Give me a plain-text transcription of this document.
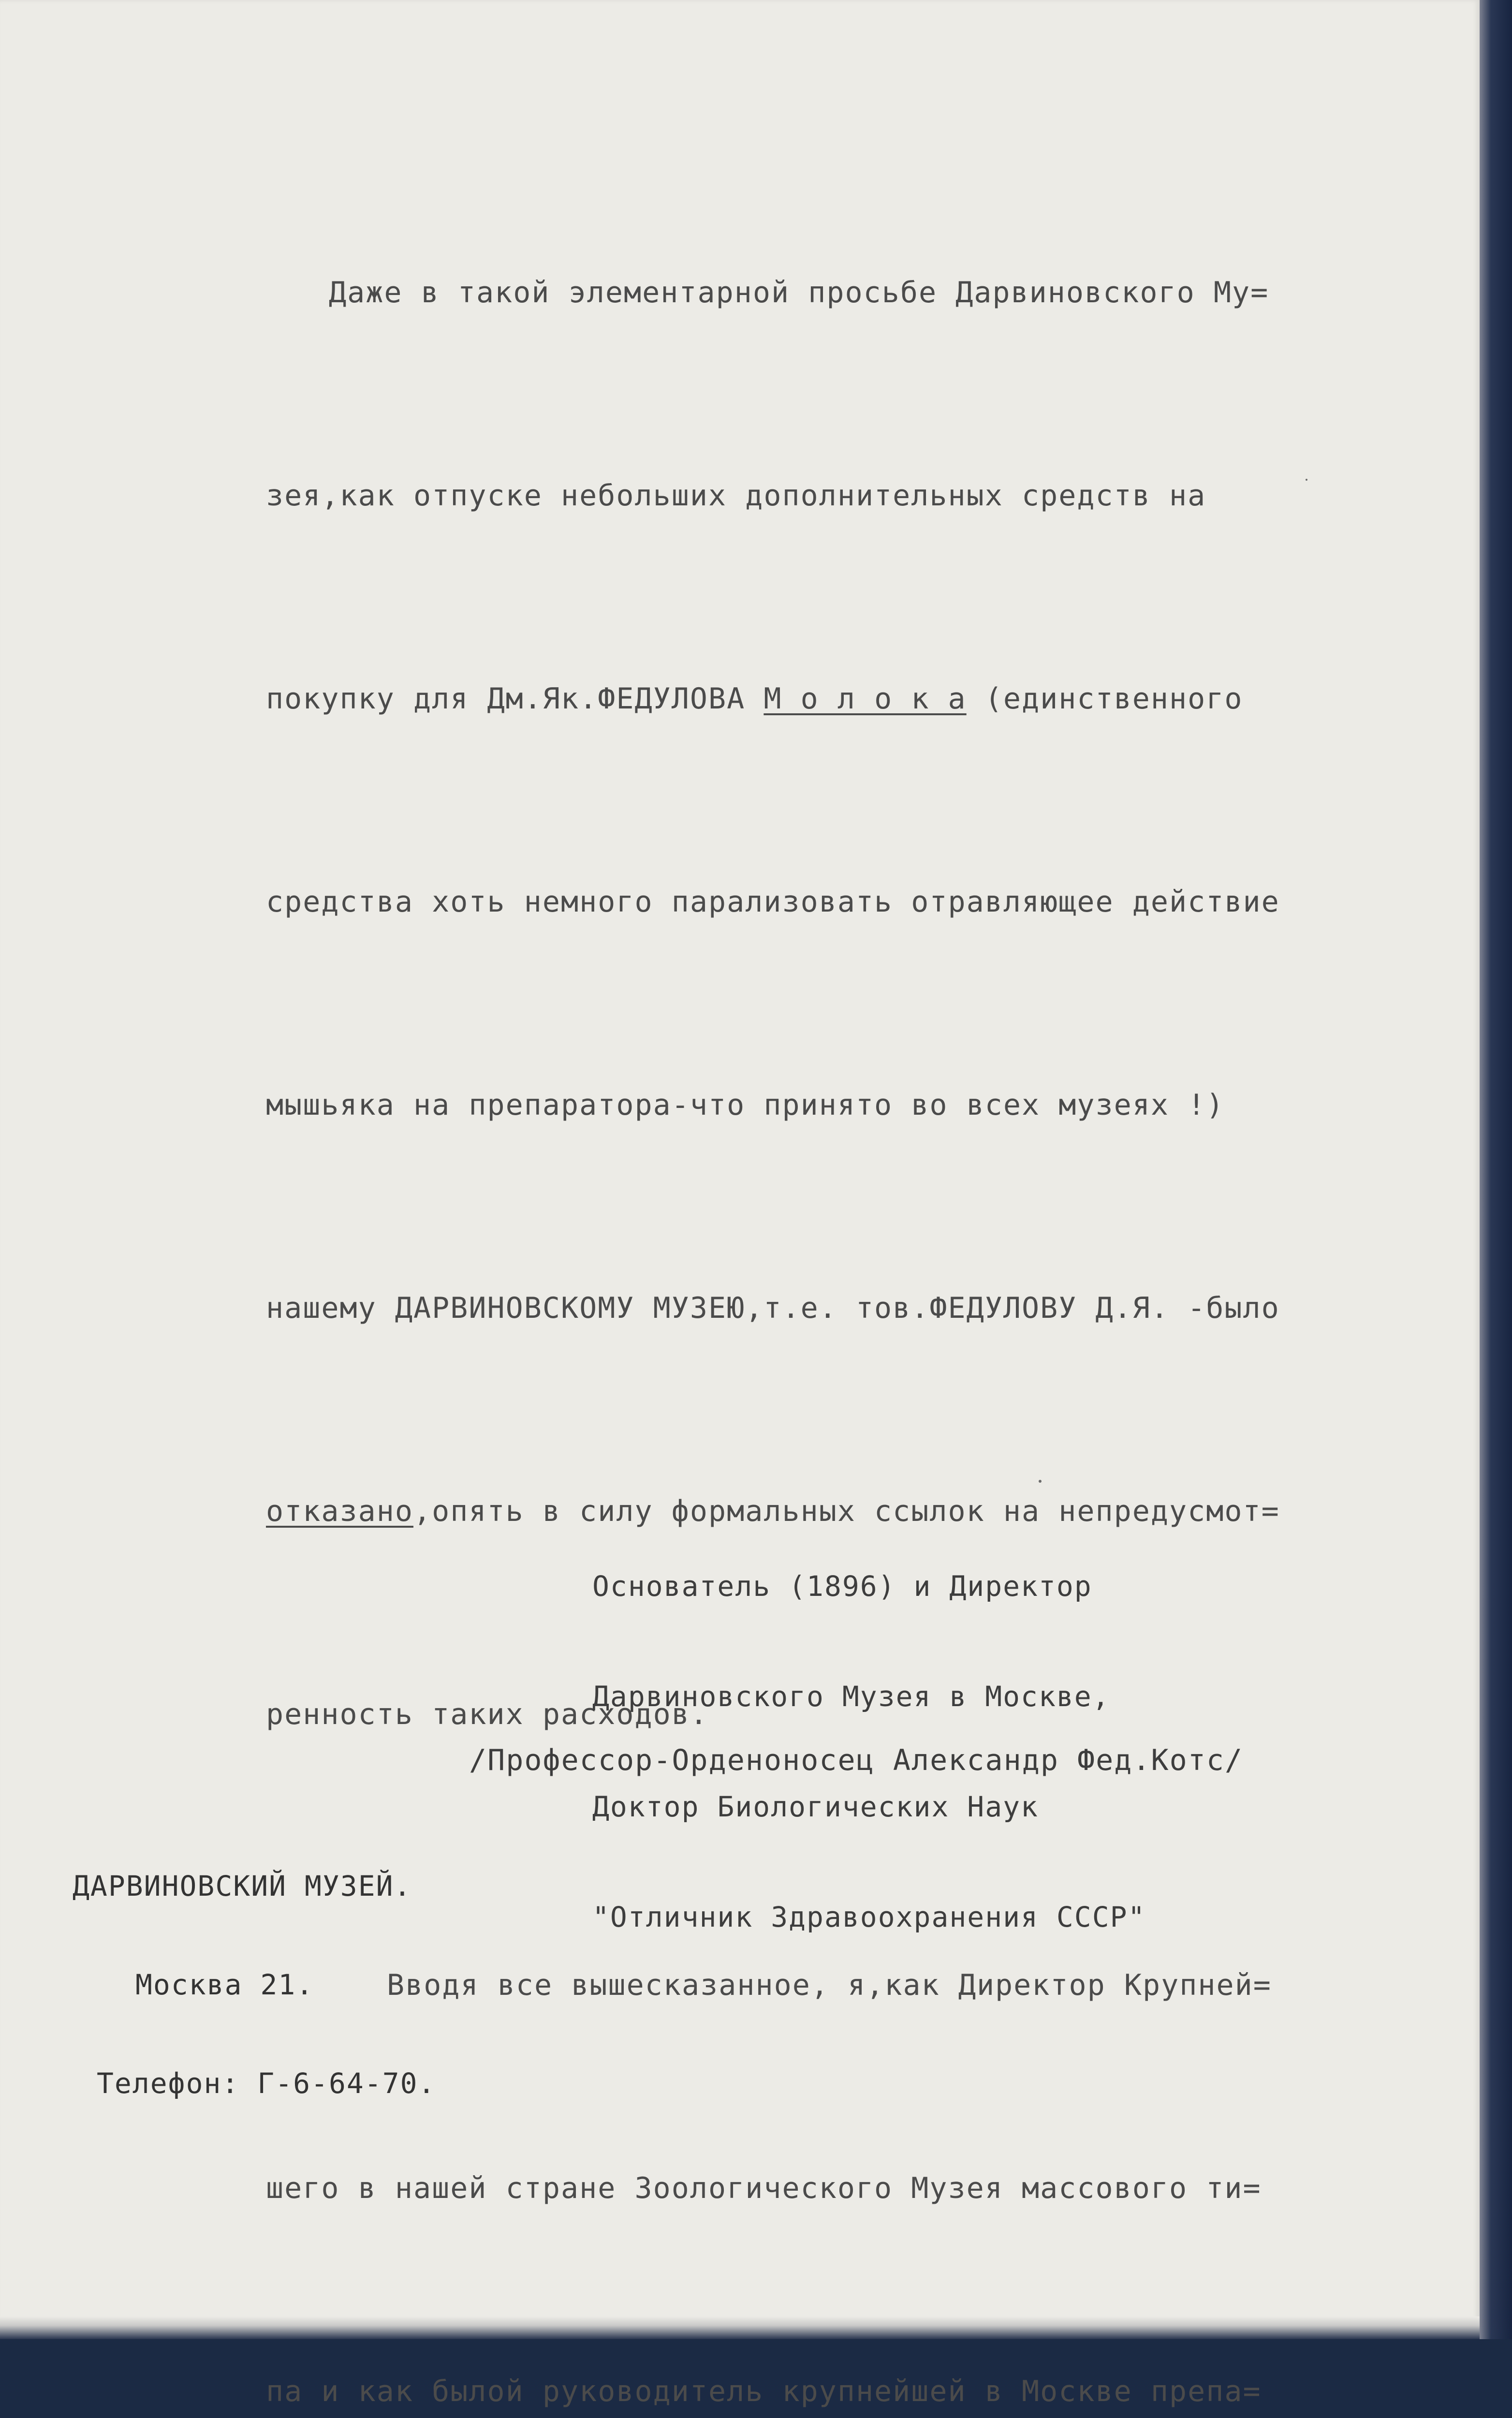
Даже в такой элементарной просьбе Дарвиновского Му=

зея,как отпуске небольших дополнительных средств на

покупку для Дм.Як.ФЕДУЛОВА М о л о к а (единственного

средства хоть немного парализовать отравляющее действие

мышьяка на препаратора-что принято во всех музеях !)

нашему ДАРВИНОВСКОМУ МУЗЕЮ,т.е. тов.ФЕДУЛОВУ Д.Я. -было

отказано,опять в силу формальных ссылок на непредусмот=

ренность таких расходов.

Вводя все вышесказанное, я,как Директор Крупней=

шего в нашей стране Зоологического Музея массового ти=

па и как былой руководитель крупнейшей в Москве препа=

Основатель (1896) и Директор

Дарвиновского Музея в Москве,

Доктор Биологических Наук

"Отличник Здравоохранения СССР"

/Профессор-Орденоносец Александр Фед.Котс/

ДАРВИНОВСКИЙ МУЗЕЙ.

Москва 21.

Телефон: Г-6-64-70.
